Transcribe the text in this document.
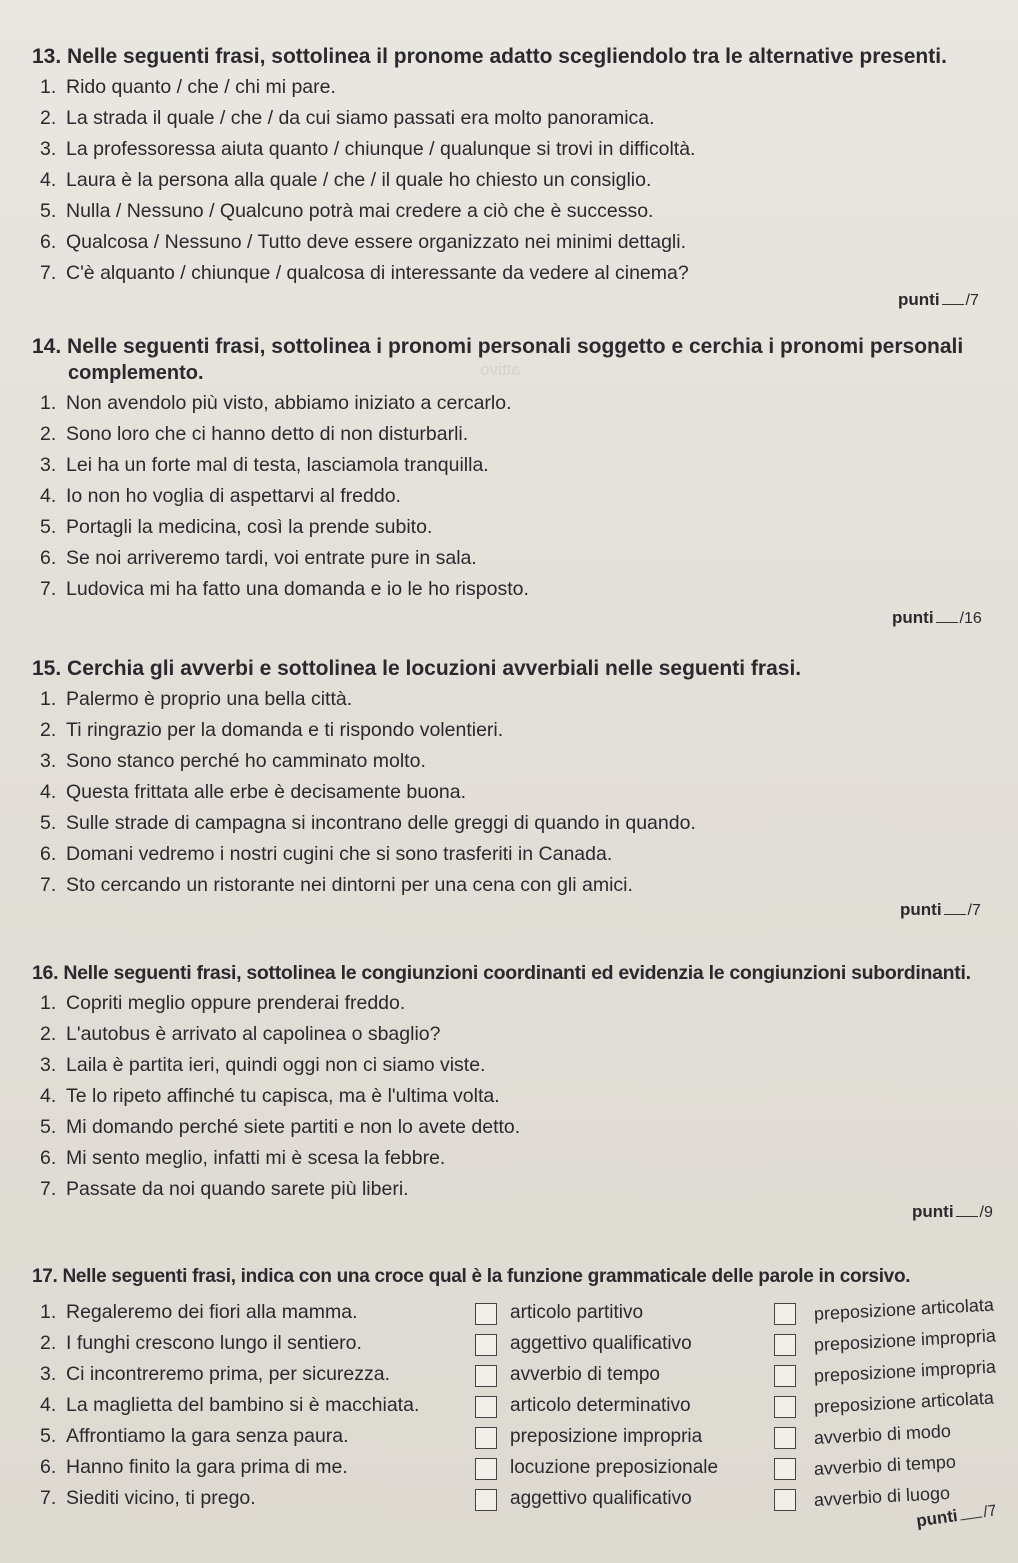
attivo

13. Nelle seguenti frasi, sottolinea il pronome adatto scegliendolo tra le alternative presenti.

1. Rido quanto / che / chi mi pare.
2. La strada il quale / che / da cui siamo passati era molto panoramica.
3. La professoressa aiuta quanto / chiunque / qualunque si trovi in difficoltà.
4. Laura è la persona alla quale / che / il quale ho chiesto un consiglio.
5. Nulla / Nessuno / Qualcuno potrà mai credere a ciò che è successo.
6. Qualcosa / Nessuno / Tutto deve essere organizzato nei minimi dettagli.
7. C'è alquanto / chiunque / qualcosa di interessante da vedere al cinema?
punti /7

14. Nelle seguenti frasi, sottolinea i pronomi personali soggetto e cerchia i pronomi personali

complemento.

1. Non avendolo più visto, abbiamo iniziato a cercarlo.
2. Sono loro che ci hanno detto di non disturbarli.
3. Lei ha un forte mal di testa, lasciamola tranquilla.
4. Io non ho voglia di aspettarvi al freddo.
5. Portagli la medicina, così la prende subito.
6. Se noi arriveremo tardi, voi entrate pure in sala.
7. Ludovica mi ha fatto una domanda e io le ho risposto.
punti /16

15. Cerchia gli avverbi e sottolinea le locuzioni avverbiali nelle seguenti frasi.

1. Palermo è proprio una bella città.
2. Ti ringrazio per la domanda e ti rispondo volentieri.
3. Sono stanco perché ho camminato molto.
4. Questa frittata alle erbe è decisamente buona.
5. Sulle strade di campagna si incontrano delle greggi di quando in quando.
6. Domani vedremo i nostri cugini che si sono trasferiti in Canada.
7. Sto cercando un ristorante nei dintorni per una cena con gli amici.
punti /7

16. Nelle seguenti frasi, sottolinea le congiunzioni coordinanti ed evidenzia le congiunzioni subordinanti.

1. Copriti meglio oppure prenderai freddo.
2. L'autobus è arrivato al capolinea o sbaglio?
3. Laila è partita ieri, quindi oggi non ci siamo viste.
4. Te lo ripeto affinché tu capisca, ma è l'ultima volta.
5. Mi domando perché siete partiti e non lo avete detto.
6. Mi sento meglio, infatti mi è scesa la febbre.
7. Passate da noi quando sarete più liberi.
punti /9

17. Nelle seguenti frasi, indica con una croce qual è la funzione grammaticale delle parole in corsivo.

1. Regaleremo dei fiori alla mamma.	articolo partitivo	preposizione articolata
2. I funghi crescono lungo il sentiero.	aggettivo qualificativo	preposizione impropria
3. Ci incontreremo prima, per sicurezza.	avverbio di tempo	preposizione impropria
4. La maglietta del bambino si è macchiata.	articolo determinativo	preposizione articolata
5. Affrontiamo la gara senza paura.	preposizione impropria	avverbio di modo
6. Hanno finito la gara prima di me.	locuzione preposizionale	avverbio di tempo
7. Siediti vicino, ti prego.	aggettivo qualificativo	avverbio di luogo
punti /7
